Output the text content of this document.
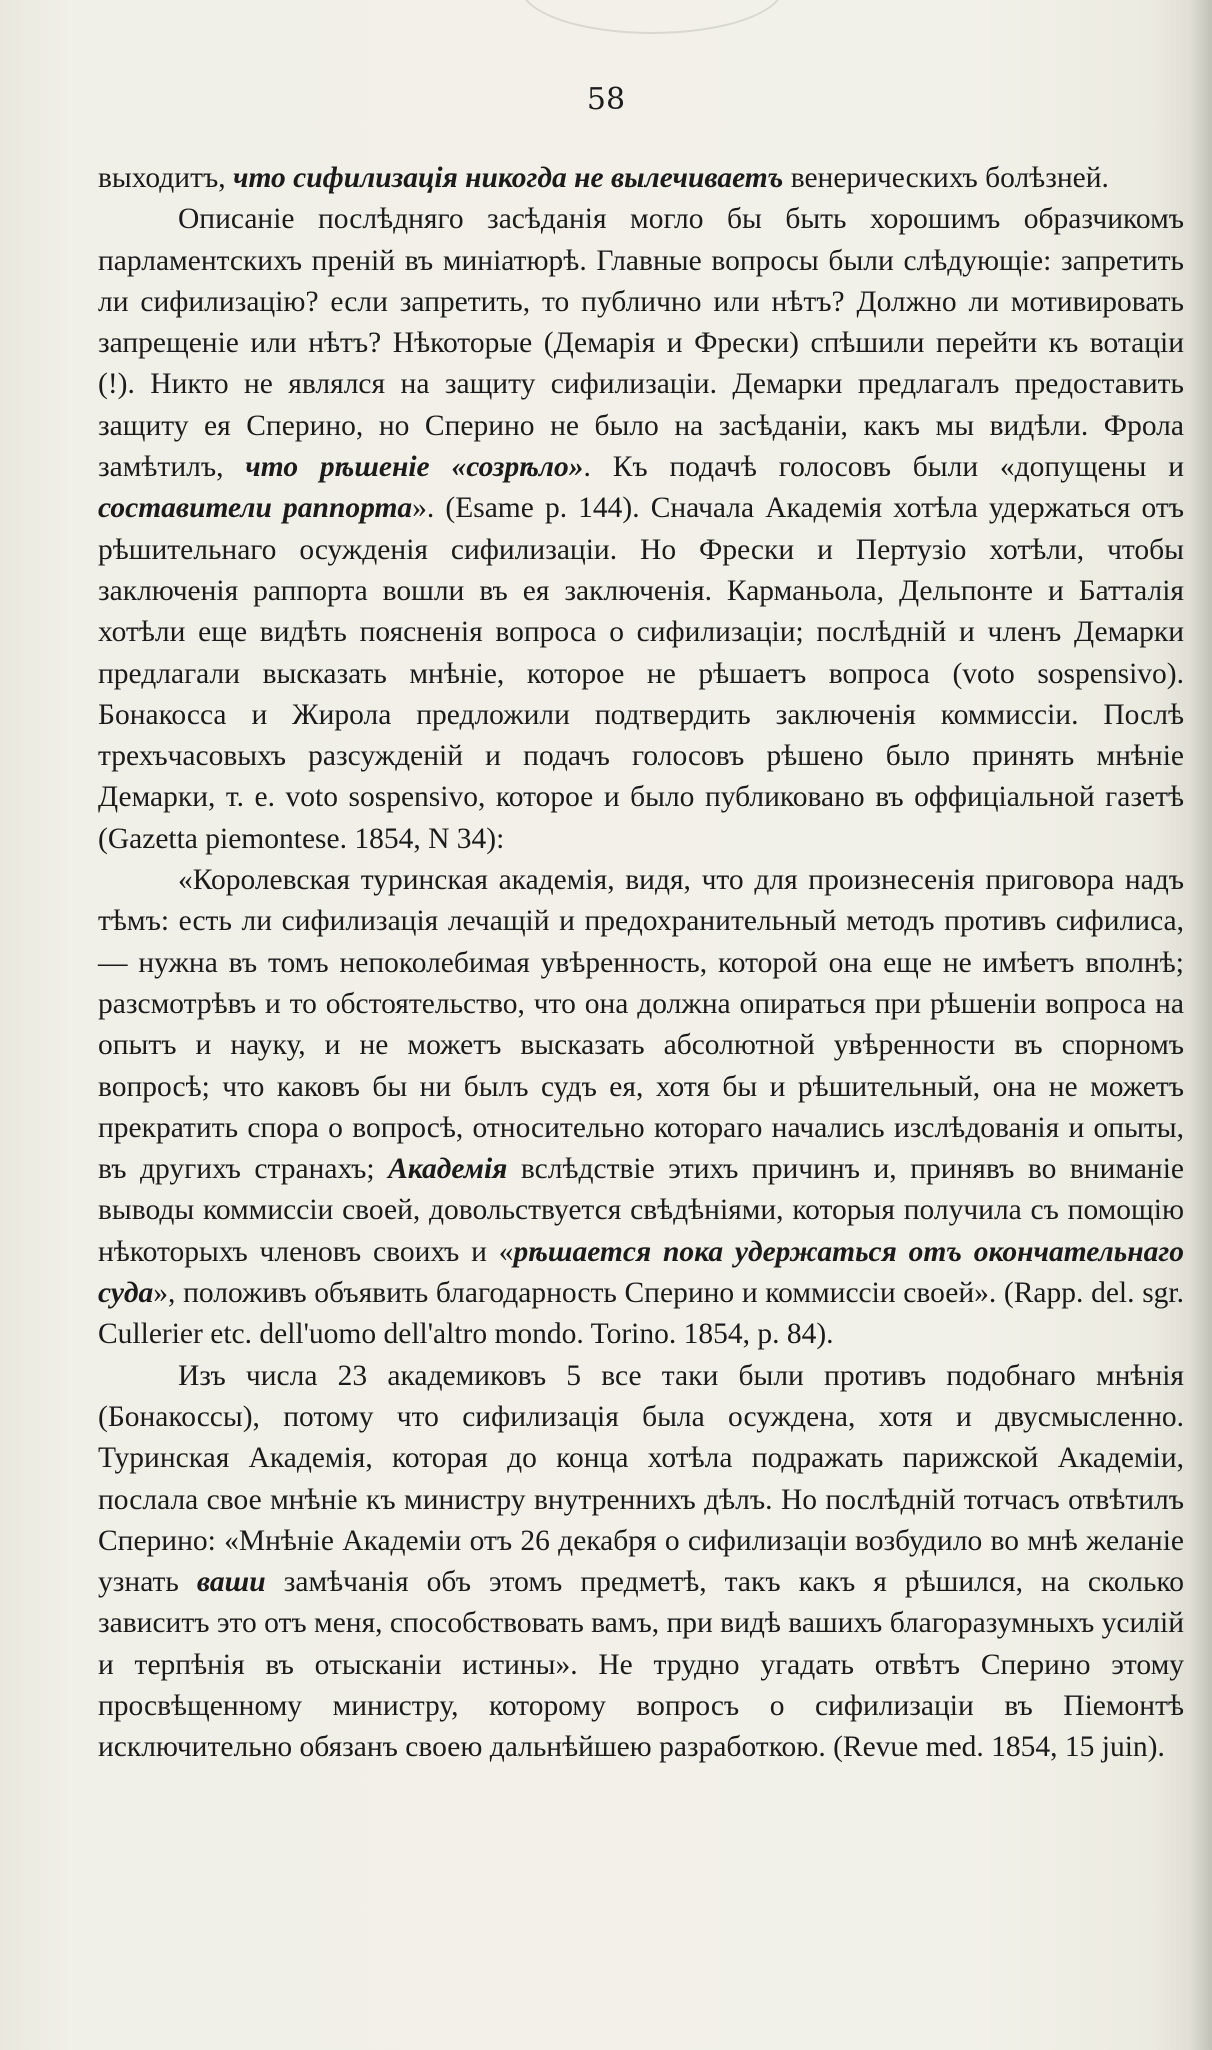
58

выходитъ, что сифилизація никогда не вылечиваетъ венерическихъ болѣзней.

Описаніе послѣдняго засѣданія могло бы быть хорошимъ образчикомъ парламентскихъ преній въ миніатюрѣ. Главные вопросы были слѣдующіе: запретить ли сифилизацію? если запретить, то публично или нѣтъ? Должно ли мотивировать запрещеніе или нѣтъ? Нѣкоторые (Демарія и Фрески) спѣшили перейти къ вотаціи (!). Никто не являлся на защиту сифилизаціи. Демарки предлагалъ предоставить защиту ея Сперино, но Сперино не было на засѣданіи, какъ мы видѣли. Фрола замѣтилъ, что рѣшеніе «созрѣло». Къ подачѣ голосовъ были «допущены и составители раппорта». (Esame p. 144). Сначала Академія хотѣла удержаться отъ рѣшительнаго осужденія сифилизаціи. Но Фрески и Пертузіо хотѣли, чтобы заключенія раппорта вошли въ ея заключенія. Карманьола, Дельпонте и Батталія хотѣли еще видѣть поясненія вопроса о сифилизаціи; послѣдній и членъ Демарки предлагали высказать мнѣніе, которое не рѣшаетъ вопроса (voto sospensivo). Бонакосса и Жирола предложили подтвердить заключенія коммиссіи. Послѣ трехъчасовыхъ разсужденій и подачъ голосовъ рѣшено было принять мнѣніе Демарки, т. е. voto sospensivo, которое и было публиковано въ оффиціальной газетѣ (Gazetta piemontese. 1854, N 34):

«Королевская туринская академія, видя, что для произнесенія приговора надъ тѣмъ: есть ли сифилизація лечащій и предохранительный методъ противъ сифилиса, — нужна въ томъ непоколебимая увѣренность, которой она еще не имѣетъ вполнѣ; разсмотрѣвъ и то обстоятельство, что она должна опираться при рѣшеніи вопроса на опытъ и науку, и не можетъ высказать абсолютной увѣренности въ спорномъ вопросѣ; что каковъ бы ни былъ судъ ея, хотя бы и рѣшительный, она не можетъ прекратить спора о вопросѣ, относительно котораго начались изслѣдованія и опыты, въ другихъ странахъ; Академія вслѣдствіе этихъ причинъ и, принявъ во вниманіе выводы коммиссіи своей, довольствуется свѣдѣніями, которыя получила съ помощію нѣкоторыхъ членовъ своихъ и «рѣшается пока удержаться отъ окончательнаго суда», положивъ объявить благодарность Сперино и коммиссіи своей». (Rapp. del. sgr. Cullerier etc. dell'uomo dell'altro mondo. Torino. 1854, p. 84).

Изъ числа 23 академиковъ 5 все таки были противъ подобнаго мнѣнія (Бонакоссы), потому что сифилизація была осуждена, хотя и двусмысленно. Туринская Академія, которая до конца хотѣла подражать парижской Академіи, послала свое мнѣніе къ министру внутреннихъ дѣлъ. Но послѣдній тотчасъ отвѣтилъ Сперино: «Мнѣніе Академіи отъ 26 декабря о сифилизаціи возбудило во мнѣ желаніе узнать ваши замѣчанія объ этомъ предметѣ, такъ какъ я рѣшился, на сколько зависитъ это отъ меня, способствовать вамъ, при видѣ вашихъ благоразумныхъ усилій и терпѣнія въ отысканіи истины». Не трудно угадать отвѣтъ Сперино этому просвѣщенному министру, которому вопросъ о сифилизаціи въ Піемонтѣ исключительно обязанъ своею дальнѣйшею разработкою. (Revue med. 1854, 15 juin).
